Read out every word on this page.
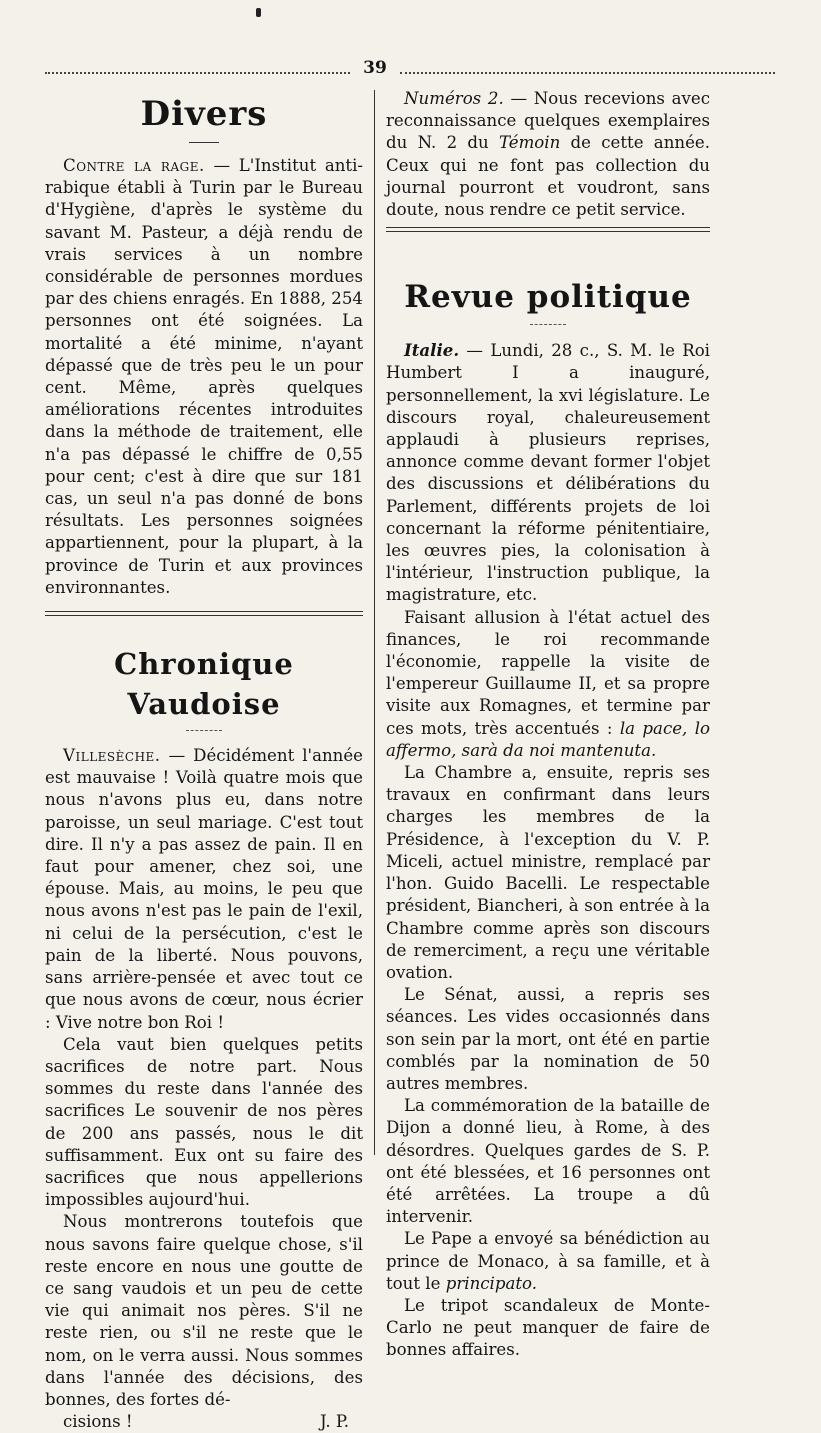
39
Divers

Contre la rage. — L'Institut anti-rabique établi à Turin par le Bureau d'Hygiène, d'après le système du savant M. Pasteur, a déjà rendu de vrais services à un nombre considérable de personnes mordues par des chiens enragés. En 1888, 254 personnes ont été soignées. La mortalité a été minime, n'ayant dépassé que de très peu le un pour cent. Même, après quelques améliorations récentes introduites dans la méthode de traitement, elle n'a pas dépassé le chiffre de 0,55 pour cent; c'est à dire que sur 181 cas, un seul n'a pas donné de bons résultats. Les personnes soignées appartiennent, pour la plupart, à la province de Turin et aux provinces environnantes.

Chronique Vaudoise

Villesèche. — Décidément l'année est mauvaise ! Voilà quatre mois que nous n'avons plus eu, dans notre paroisse, un seul mariage. C'est tout dire. Il n'y a pas assez de pain. Il en faut pour amener, chez soi, une épouse. Mais, au moins, le peu que nous avons n'est pas le pain de l'exil, ni celui de la persécution, c'est le pain de la liberté. Nous pouvons, sans arrière-pensée et avec tout ce que nous avons de cœur, nous écrier : Vive notre bon Roi !

Cela vaut bien quelques petits sacrifices de notre part. Nous sommes du reste dans l'année des sacrifices Le souvenir de nos pères de 200 ans passés, nous le dit suffisamment. Eux ont su faire des sacrifices que nous appellerions impossibles aujourd'hui.

Nous montrerons toutefois que nous savons faire quelque chose, s'il reste encore en nous une goutte de ce sang vaudois et un peu de cette vie qui animait nos pères. S'il ne reste rien, ou s'il ne reste que le nom, on le verra aussi. Nous sommes dans l'année des décisions, des bonnes, des fortes dé-

cisions !	J. P.

Numéros 2. — Nous recevions avec reconnaissance quelques exemplaires du N. 2 du Témoin de cette année. Ceux qui ne font pas collection du journal pourront et voudront, sans doute, nous rendre ce petit service.

Revue politique

Italie. — Lundi, 28 c., S. M. le Roi Humbert I a inauguré, personnellement, la xvi législature. Le discours royal, chaleureusement applaudi à plusieurs reprises, annonce comme devant former l'objet des discussions et délibérations du Parlement, différents projets de loi concernant la réforme pénitentiaire, les œuvres pies, la colonisation à l'intérieur, l'instruction publique, la magistrature, etc.

Faisant allusion à l'état actuel des finances, le roi recommande l'économie, rappelle la visite de l'empereur Guillaume II, et sa propre visite aux Romagnes, et termine par ces mots, très accentués : la pace, lo affermo, sarà da noi mantenuta.

La Chambre a, ensuite, repris ses travaux en confirmant dans leurs charges les membres de la Présidence, à l'exception du V. P. Miceli, actuel ministre, remplacé par l'hon. Guido Bacelli. Le respectable président, Biancheri, à son entrée à la Chambre comme après son discours de remerciment, a reçu une véritable ovation.

Le Sénat, aussi, a repris ses séances. Les vides occasionnés dans son sein par la mort, ont été en partie comblés par la nomination de 50 autres membres.

La commémoration de la bataille de Dijon a donné lieu, à Rome, à des désordres. Quelques gardes de S. P. ont été blessées, et 16 personnes ont été arrêtées. La troupe a dû intervenir.

Le Pape a envoyé sa bénédiction au prince de Monaco, à sa famille, et à tout le principato.

Le tripot scandaleux de Monte-Carlo ne peut manquer de faire de bonnes affaires.
